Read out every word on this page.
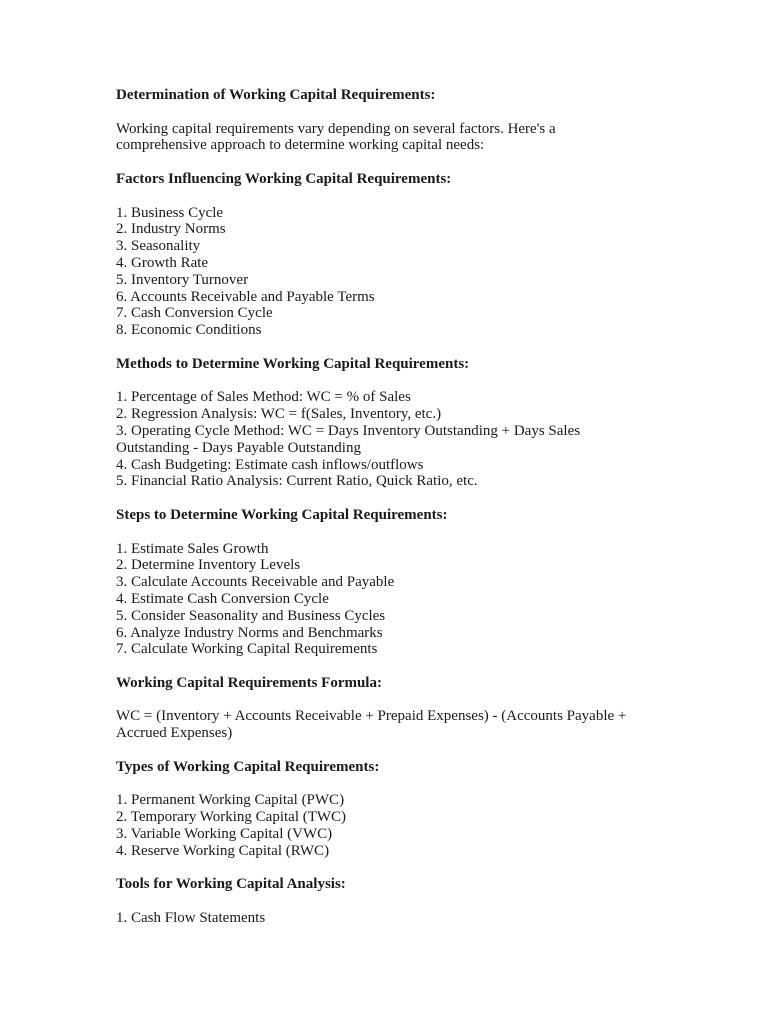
Determination of Working Capital Requirements:

Working capital requirements vary depending on several factors. Here's a

comprehensive approach to determine working capital needs:

Factors Influencing Working Capital Requirements:

1. Business Cycle

2. Industry Norms

3. Seasonality

4. Growth Rate

5. Inventory Turnover

6. Accounts Receivable and Payable Terms

7. Cash Conversion Cycle

8. Economic Conditions

Methods to Determine Working Capital Requirements:

1. Percentage of Sales Method: WC = % of Sales

2. Regression Analysis: WC = f(Sales, Inventory, etc.)

3. Operating Cycle Method: WC = Days Inventory Outstanding + Days Sales

Outstanding - Days Payable Outstanding

4. Cash Budgeting: Estimate cash inflows/outflows

5. Financial Ratio Analysis: Current Ratio, Quick Ratio, etc.

Steps to Determine Working Capital Requirements:

1. Estimate Sales Growth

2. Determine Inventory Levels

3. Calculate Accounts Receivable and Payable

4. Estimate Cash Conversion Cycle

5. Consider Seasonality and Business Cycles

6. Analyze Industry Norms and Benchmarks

7. Calculate Working Capital Requirements

Working Capital Requirements Formula:

WC = (Inventory + Accounts Receivable + Prepaid Expenses) - (Accounts Payable +

Accrued Expenses)

Types of Working Capital Requirements:

1. Permanent Working Capital (PWC)

2. Temporary Working Capital (TWC)

3. Variable Working Capital (VWC)

4. Reserve Working Capital (RWC)

Tools for Working Capital Analysis:

1. Cash Flow Statements
